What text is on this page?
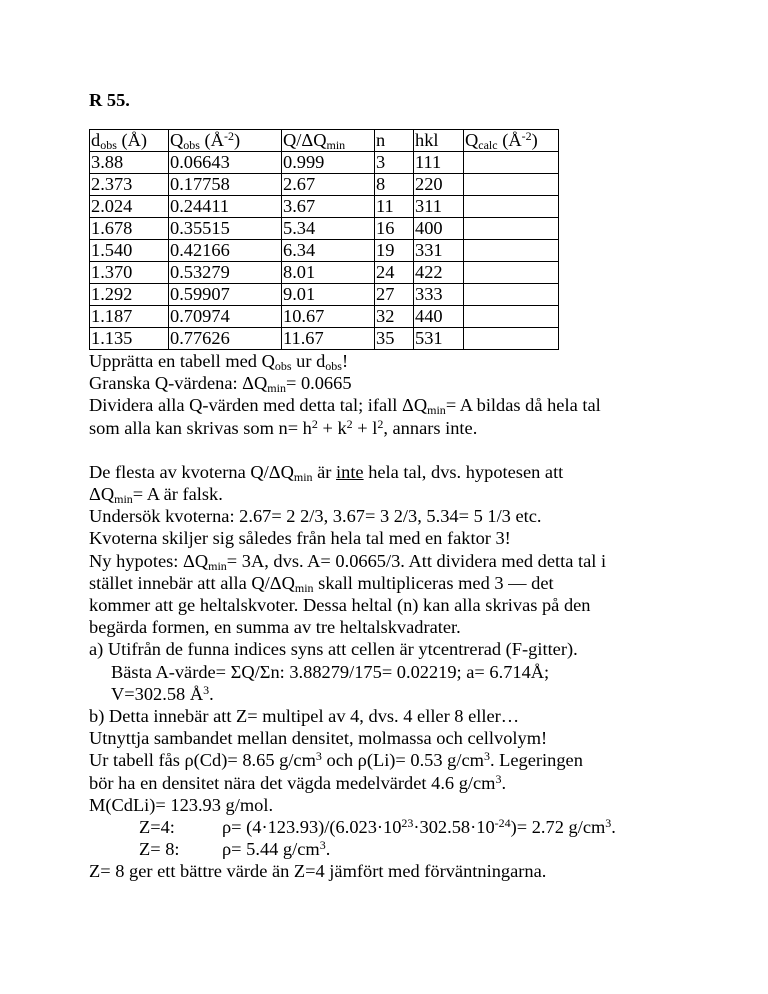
R 55.
$d_{obs}$ (Å)	$Q_{obs}$ $(Å^{-2})$	$Q/\Delta Q_{min}$	n	hkl	$Q_{calc}$ $(Å^{-2})$
3.88	0.06643	0.999	3	111	
2.373	0.17758	2.67	8	220	
2.024	0.24411	3.67	11	311	
1.678	0.35515	5.34	16	400	
1.540	0.42166	6.34	19	331	
1.370	0.53279	8.01	24	422	
1.292	0.59907	9.01	27	333	
1.187	0.70974	10.67	32	440	
1.135	0.77626	11.67	35	531	

Upprätta en tabell med $Q_{obs}$ ur $d_{obs}$!

Granska Q-värdena: $\Delta Q_{min}= 0.0665$

Dividera alla Q-värden med detta tal; ifall $\Delta Q_{min}= A$ bildas då hela tal

som alla kan skrivas som $n= h^2 + k^2 + l^2$, annars inte.

De flesta av kvoterna $Q/\Delta Q_{min}$ är inte hela tal, dvs. hypotesen att

$\Delta Q_{min}= A$ är falsk.

Undersök kvoterna: 2.67= 2 2/3, 3.67= 3 2/3, 5.34= 5 1/3 etc.

Kvoterna skiljer sig således från hela tal med en faktor 3!

Ny hypotes: $\Delta Q_{min}= 3A$, dvs. A= 0.0665/3. Att dividera med detta tal i

stället innebär att alla $Q/\Delta Q_{min}$ skall multipliceras med 3 — det

kommer att ge heltalskvoter. Dessa heltal (n) kan alla skrivas på den

begärda formen, en summa av tre heltalskvadrater.

a) Utifrån de funna indices syns att cellen är ytcentrerad (F-gitter).

Bästa A-värde= ΣQ/Σn: 3.88279/175= 0.02219; a= 6.714Å;

V=302.58 $Å^3$.

b) Detta innebär att Z= multipel av 4, dvs. 4 eller 8 eller…

Utnyttja sambandet mellan densitet, molmassa och cellvolym!

Ur tabell fås ρ(Cd)= 8.65 $g/cm^3$ och ρ(Li)= 0.53 $g/cm^3$. Legeringen

bör ha en densitet nära det vägda medelvärdet 4.6 $g/cm^3$.

M(CdLi)= 123.93 g/mol.

Z=4:	$\rho= (4\cdot 123.93)/(6.023\cdot 10^{23}\cdot 302.58\cdot 10^{-24})= 2.72$ $g/cm^3$.

Z= 8: ρ= 5.44 $g/cm^3$.

Z= 8 ger ett bättre värde än Z=4 jämfört med förväntningarna.
